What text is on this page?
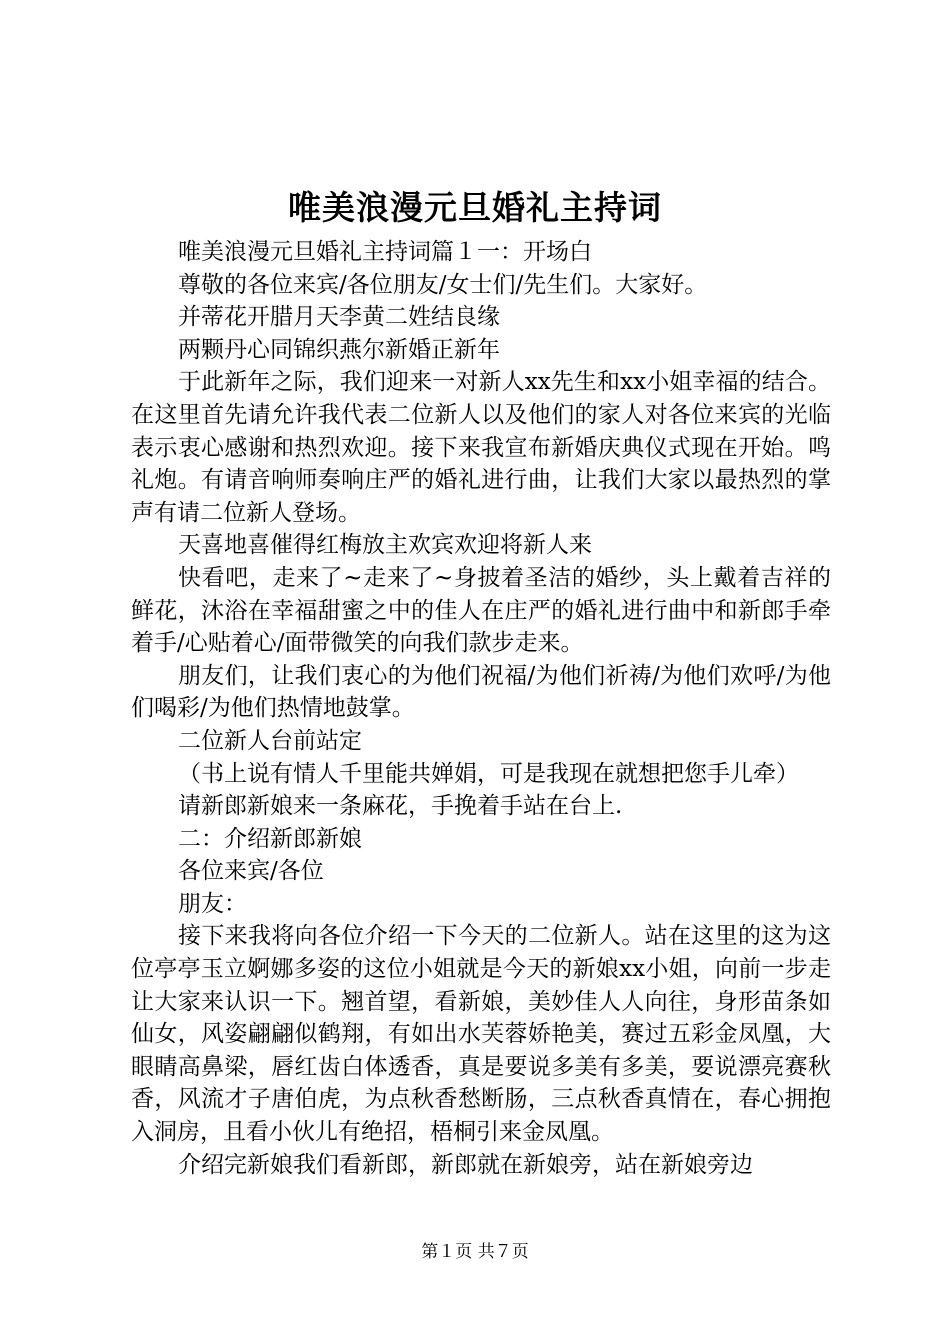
唯美浪漫元旦婚礼主持词

唯美浪漫元旦婚礼主持词篇１一：开场白

尊敬的各位来宾/各位朋友/女士们/先生们。大家好。

并蒂花开腊月天李黄二姓结良缘

两颗丹心同锦织燕尔新婚正新年

于此新年之际，我们迎来一对新人xx先生和xx小姐幸福的结合。在这里首先请允许我代表二位新人以及他们的家人对各位来宾的光临表示衷心感谢和热烈欢迎。接下来我宣布新婚庆典仪式现在开始。鸣礼炮。有请音响师奏响庄严的婚礼进行曲，让我们大家以最热烈的掌声有请二位新人登场。

天喜地喜催得红梅放主欢宾欢迎将新人来

快看吧，走来了~走来了~身披着圣洁的婚纱，头上戴着吉祥的鲜花，沐浴在幸福甜蜜之中的佳人在庄严的婚礼进行曲中和新郎手牵着手/心贴着心/面带微笑的向我们款步走来。

朋友们，让我们衷心的为他们祝福/为他们祈祷/为他们欢呼/为他们喝彩/为他们热情地鼓掌。

二位新人台前站定

（书上说有情人千里能共婵娟，可是我现在就想把您手儿牵）

请新郎新娘来一条麻花，手挽着手站在台上.

二：介绍新郎新娘

各位来宾/各位

朋友：

接下来我将向各位介绍一下今天的二位新人。站在这里的这为这位亭亭玉立婀娜多姿的这位小姐就是今天的新娘xx小姐，向前一步走让大家来认识一下。翘首望，看新娘，美妙佳人人向往，身形苗条如仙女，风姿翩翩似鹤翔，有如出水芙蓉娇艳美，赛过五彩金凤凰，大眼睛高鼻梁，唇红齿白体透香，真是要说多美有多美，要说漂亮赛秋香，风流才子唐伯虎，为点秋香愁断肠，三点秋香真情在，春心拥抱入洞房，且看小伙儿有绝招，梧桐引来金凤凰。

介绍完新娘我们看新郎，新郎就在新娘旁，站在新娘旁边

第１页 共７页
